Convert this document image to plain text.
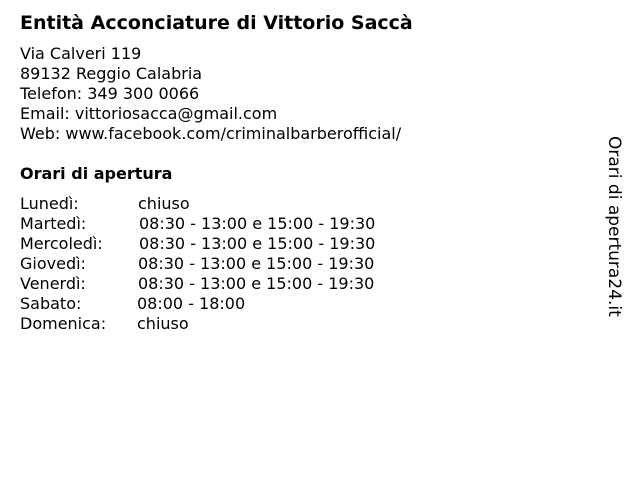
Entità Acconciature di Vittorio Saccà
Via Calveri 119
89132 Reggio Calabria
Telefon: 349 300 0066
Email: vittoriosacca@gmail.com
Web: www.facebook.com/criminalbarberofficial/
Orari di apertura
Lunedì:	chiuso
Martedì:	08:30 - 13:00 e 15:00 - 19:30
Mercoledì: 08:30 - 13:00 e 15:00 - 19:30
Giovedì:	08:30 - 13:00 e 15:00 - 19:30
Venerdì:	08:30 - 13:00 e 15:00 - 19:30
Sabato:	08:00 - 18:00
Domenica: chiuso
Orari di apertura24.it
